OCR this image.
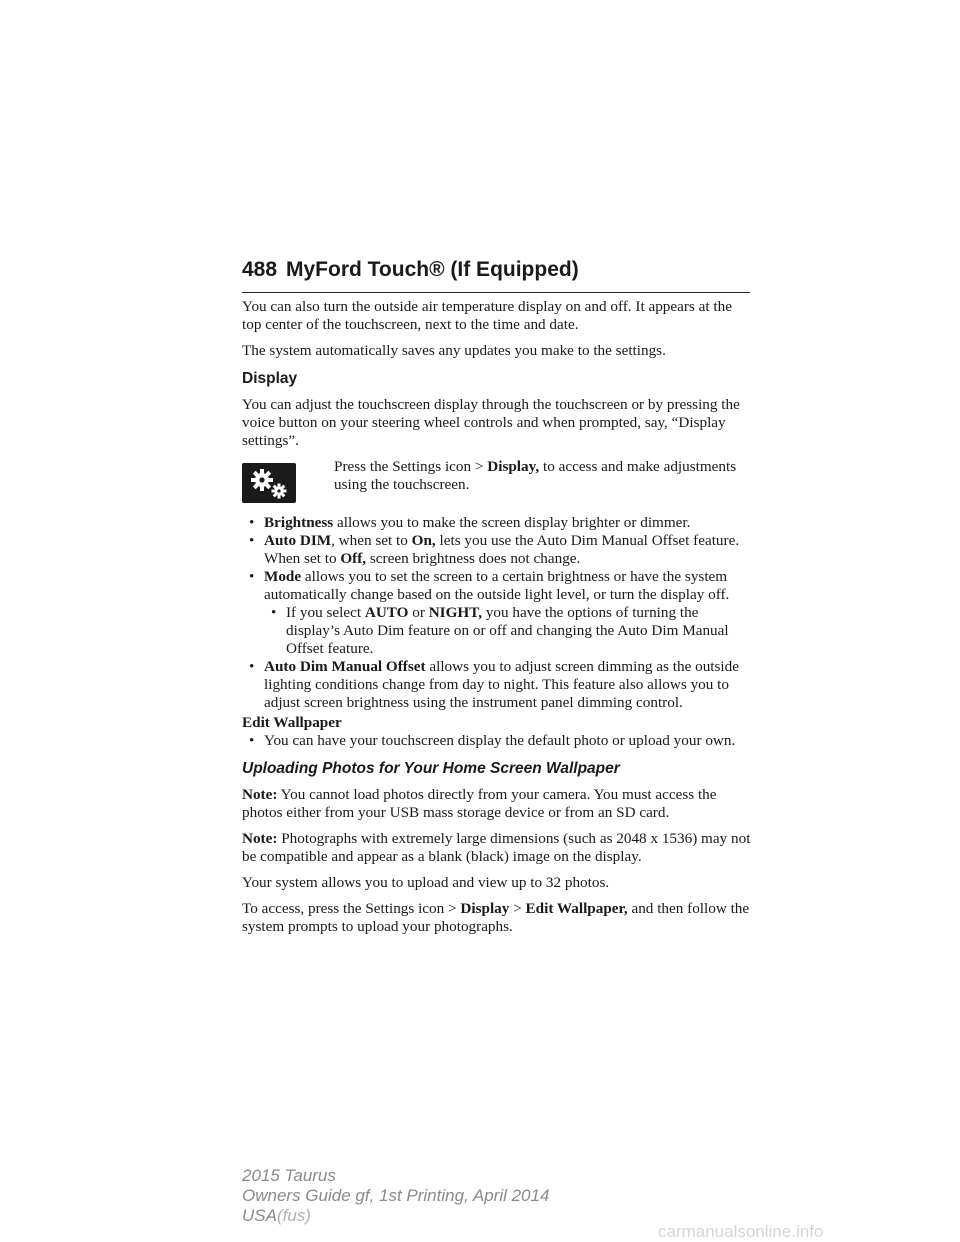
488 MyFord Touch® (If Equipped)

You can also turn the outside air temperature display on and off. It appears at the top center of the touchscreen, next to the time and date.

The system automatically saves any updates you make to the settings.

Display

You can adjust the touchscreen display through the touchscreen or by pressing the voice button on your steering wheel controls and when prompted, say, “Display settings”.

Press the Settings icon > Display, to access and make adjustments using the touchscreen.
• Brightness allows you to make the screen display brighter or dimmer.
• Auto DIM, when set to On, lets you use the Auto Dim Manual Offset feature. When set to Off, screen brightness does not change.
• Mode allows you to set the screen to a certain brightness or have the system automatically change based on the outside light level, or turn the display off.
• If you select AUTO or NIGHT, you have the options of turning the display’s Auto Dim feature on or off and changing the Auto Dim Manual Offset feature.
• Auto Dim Manual Offset allows you to adjust screen dimming as the outside lighting conditions change from day to night. This feature also allows you to adjust screen brightness using the instrument panel dimming control.
Edit Wallpaper
• You can have your touchscreen display the default photo or upload your own.
Uploading Photos for Your Home Screen Wallpaper

Note: You cannot load photos directly from your camera. You must access the photos either from your USB mass storage device or from an SD card.

Note: Photographs with extremely large dimensions (such as 2048 x 1536) may not be compatible and appear as a blank (black) image on the display.

Your system allows you to upload and view up to 32 photos.

To access, press the Settings icon > Display > Edit Wallpaper, and then follow the system prompts to upload your photographs.

2015 Taurus
Owners Guide gf, 1st Printing, April 2014
USA(fus)
carmanualsonline.info
